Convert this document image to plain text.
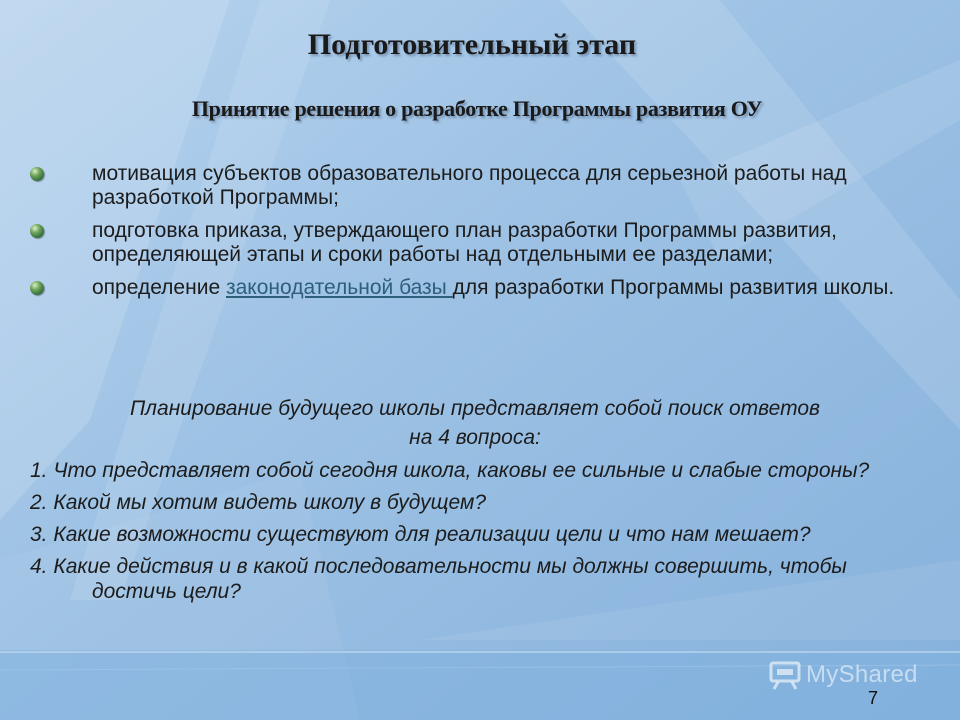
Подготовительный этап
Принятие решения о разработке Программы развития ОУ
мотивация субъектов образовательного процесса для серьезной работы над разработкой Программы;
подготовка приказа, утверждающего план разработки Программы развития, определяющей этапы и сроки работы над отдельными ее разделами;
определение законодательной базы для разработки Программы развития школы.
Планирование будущего школы представляет собой поиск ответов
на 4 вопроса:
1. Что представляет собой сегодня школа, каковы ее сильные и слабые стороны?
2. Какой мы хотим видеть школу в будущем?
3. Какие возможности существуют для реализации цели и что нам мешает?
4. Какие действия и в какой последовательности мы должны совершить, чтобы достичь цели?
MyShared
7
